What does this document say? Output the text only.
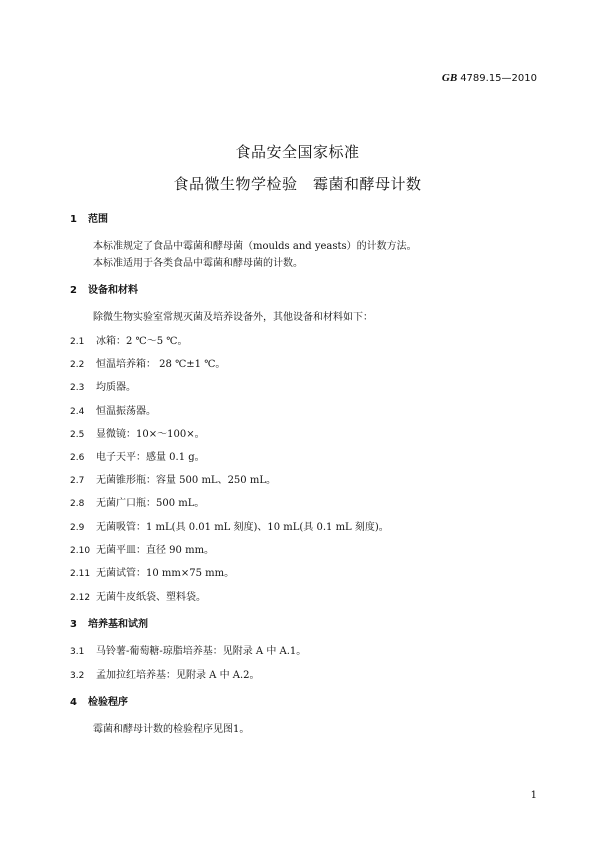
GB 4789.15—2010
食品安全国家标准
食品微生物学检验　霉菌和酵母计数
1 范围
本标准规定了食品中霉菌和酵母菌（moulds and yeasts）的计数方法。
本标准适用于各类食品中霉菌和酵母菌的计数。
2 设备和材料
除微生物实验室常规灭菌及培养设备外，其他设备和材料如下：
2.1 冰箱：2 ℃～5 ℃。
2.2 恒温培养箱： 28 ℃±1 ℃。
2.3 均质器。
2.4 恒温振荡器。
2.5 显微镜：10×～100×。
2.6 电子天平：感量 0.1 g。
2.7 无菌锥形瓶：容量 500 mL、250 mL。
2.8 无菌广口瓶：500 mL。
2.9 无菌吸管：1 mL(具 0.01 mL 刻度)、10 mL(具 0.1 mL 刻度)。
2.10 无菌平皿：直径 90 mm。
2.11 无菌试管：10 mm×75 mm。
2.12 无菌牛皮纸袋、塑料袋。
3 培养基和试剂
3.1 马铃薯-葡萄糖-琼脂培养基：见附录 A 中 A.1。
3.2 孟加拉红培养基：见附录 A 中 A.2。
4 检验程序
霉菌和酵母计数的检验程序见图1。
1
